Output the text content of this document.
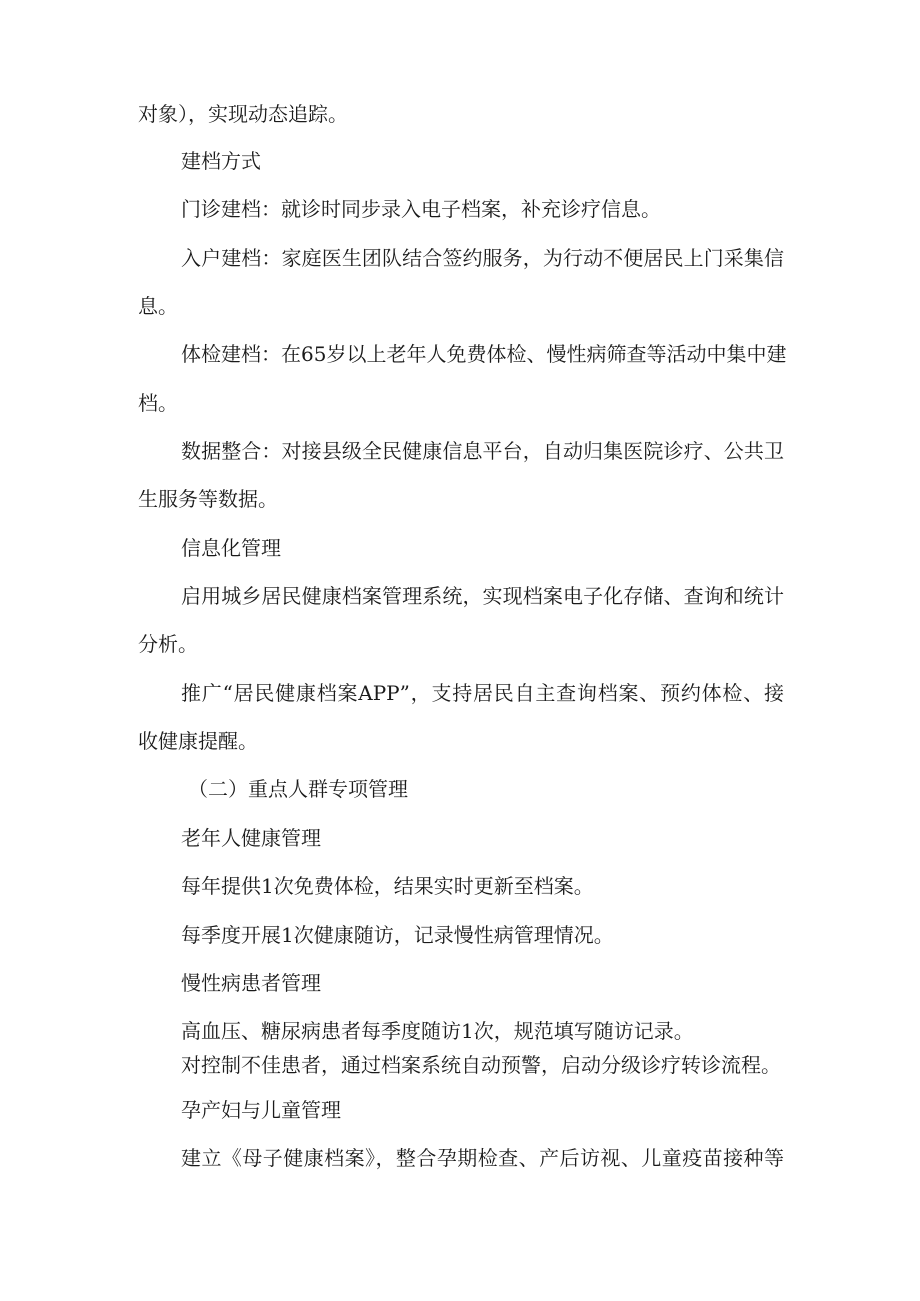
对象），实现动态追踪。
建档方式
门诊建档：就诊时同步录入电子档案，补充诊疗信息。
入户建档：家庭医生团队结合签约服务，为行动不便居民上门采集信
息。
体检建档：在65岁以上老年人免费体检、慢性病筛查等活动中集中建
档。
数据整合：对接县级全民健康信息平台，自动归集医院诊疗、公共卫
生服务等数据。
信息化管理
启用城乡居民健康档案管理系统，实现档案电子化存储、查询和统计
分析。
推广“居民健康档案APP”，支持居民自主查询档案、预约体检、接
收健康提醒。
（二）重点人群专项管理
老年人健康管理
每年提供1次免费体检，结果实时更新至档案。
每季度开展1次健康随访，记录慢性病管理情况。
慢性病患者管理
高血压、糖尿病患者每季度随访1次，规范填写随访记录。
对控制不佳患者，通过档案系统自动预警，启动分级诊疗转诊流程。
孕产妇与儿童管理
建立《母子健康档案》，整合孕期检查、产后访视、儿童疫苗接种等
